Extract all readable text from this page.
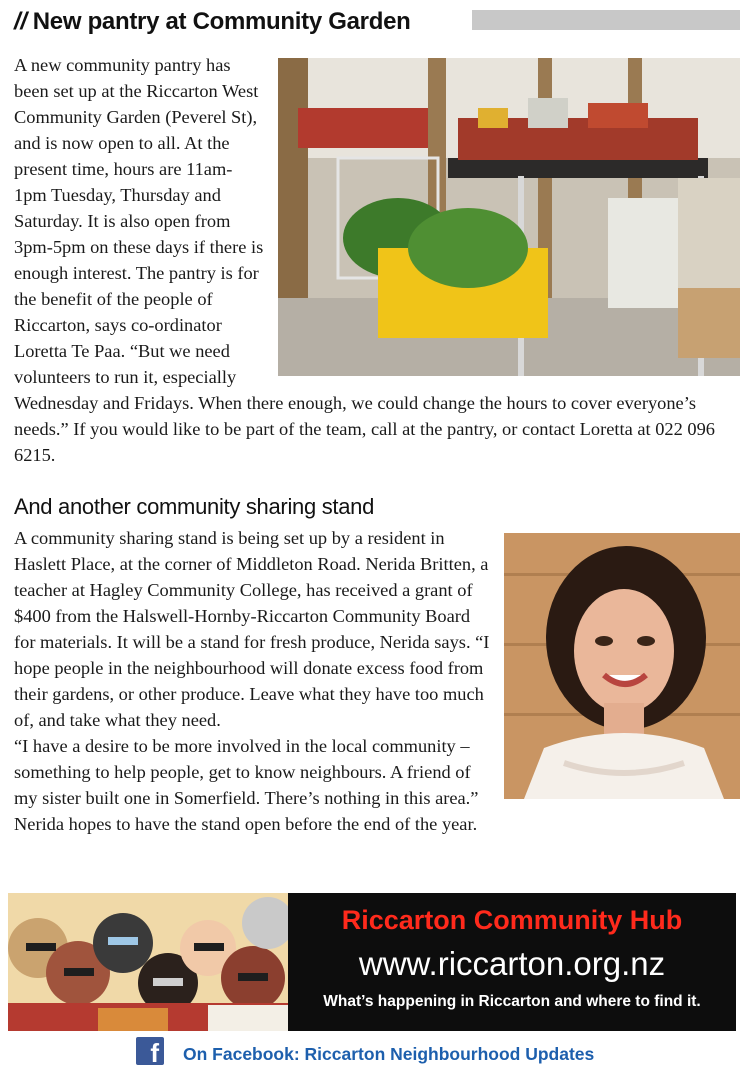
// New pantry at Community Garden

A new community pantry has been set up at the Riccarton West Community Garden (Peverel St), and is now open to all. At the present time, hours are 11am-1pm Tuesday, Thursday and Saturday. It is also open from 3pm-5pm on these days if there is enough interest. The pantry is for the benefit of the people of Riccarton, says co-ordinator Loretta Te Paa. “But we need volunteers to run it, especially Wednesday and Fridays. When there enough, we could change the hours to cover everyone’s needs.” If you would like to be part of the team, call at the pantry, or contact Loretta at 022 096 6215.

And another community sharing stand

A community sharing stand is being set up by a resident in Haslett Place, at the corner of Middleton Road. Nerida Britten, a teacher at Hagley Community College, has received a grant of $400 from the Halswell-Hornby-Riccarton Community Board for materials. It will be a stand for fresh produce, Nerida says. “I hope people in the neighbourhood will donate excess food from their gardens, or other produce. Leave what they have too much of, and take what they need.

“I have a desire to be more involved in the local community – something to help people, get to know neighbours. A friend of my sister built one in Somerfield. There’s nothing in this area.” Nerida hopes to have the stand open before the end of the year.

Riccarton Community Hub
www.riccarton.org.nz
What’s happening in Riccarton and where to find it.
f On Facebook: Riccarton Neighbourhood Updates
